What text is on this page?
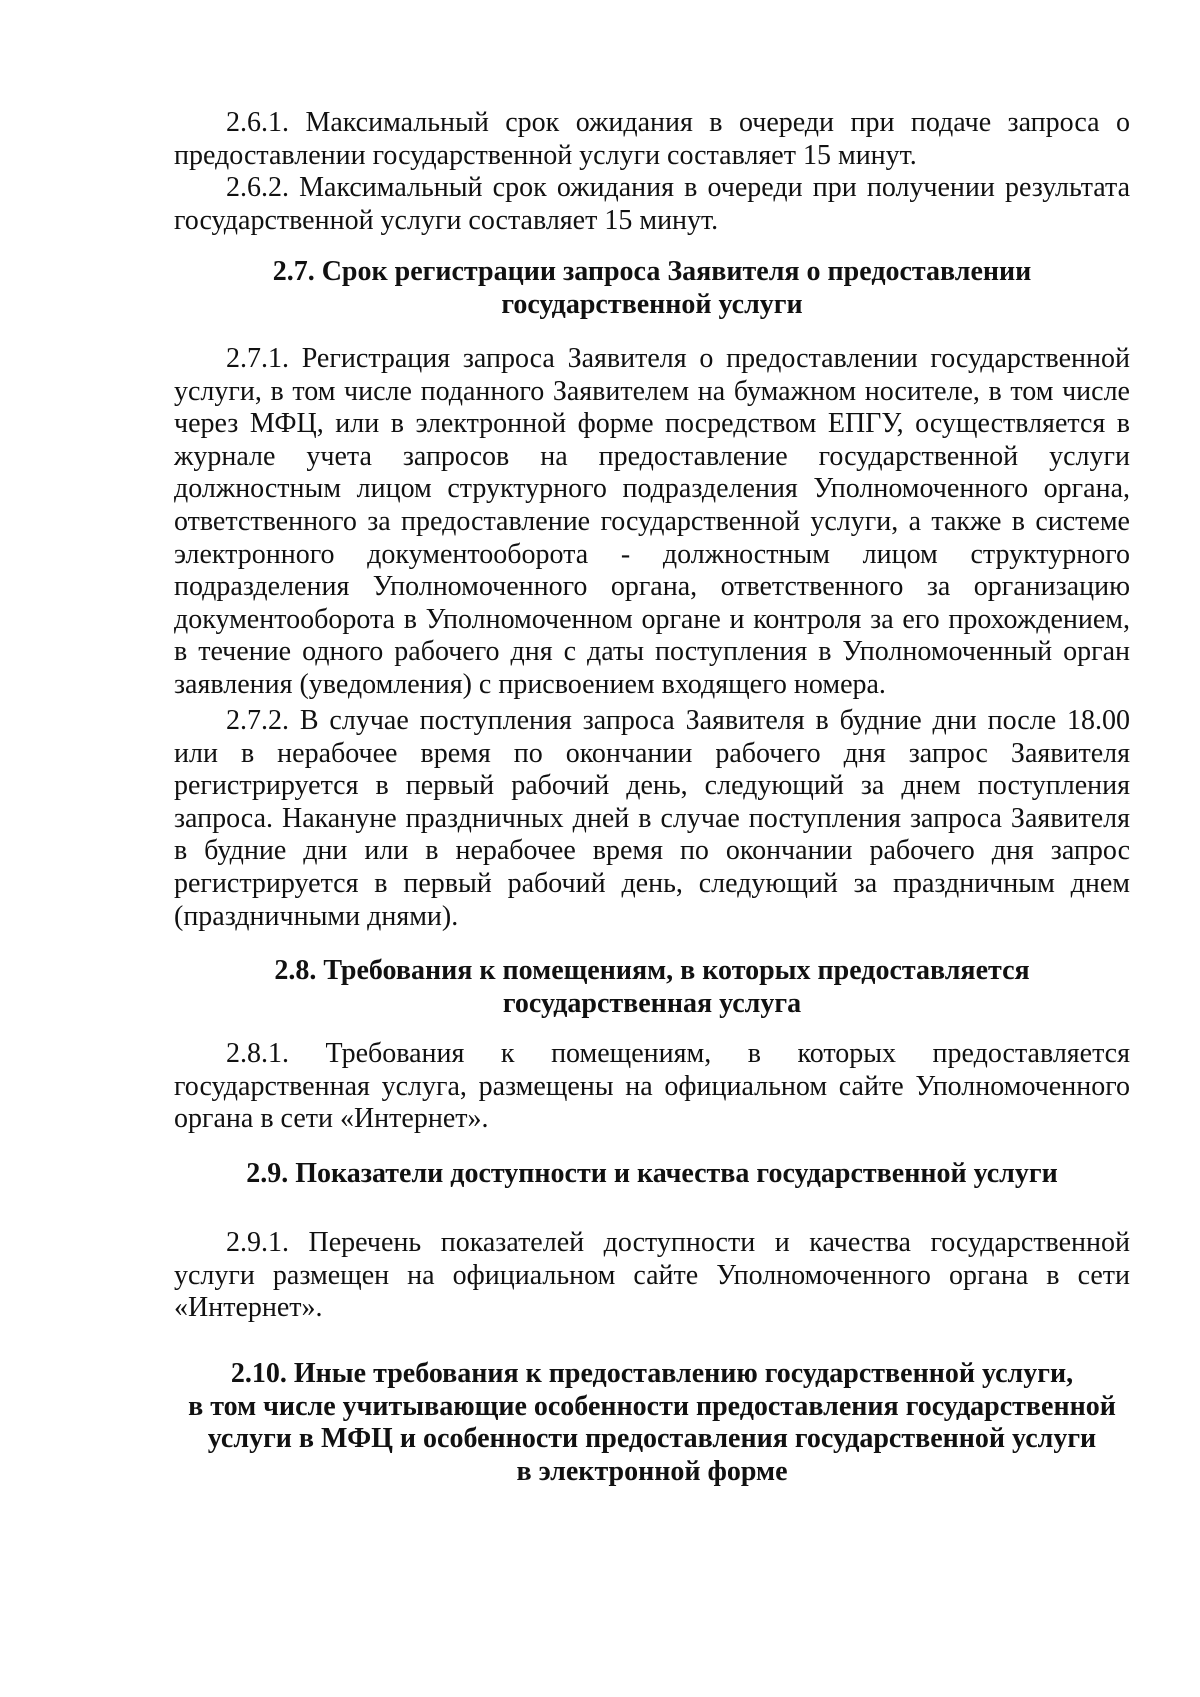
2.6.1. Максимальный срок ожидания в очереди при подаче запроса о предоставлении государственной услуги составляет 15 минут.

2.6.2. Максимальный срок ожидания в очереди при получении результата государственной услуги составляет 15 минут.

2.7. Срок регистрации запроса Заявителя о предоставлении
государственной услуги

2.7.1. Регистрация запроса Заявителя о предоставлении государственной услуги, в том числе поданного Заявителем на бумажном носителе, в том числе через МФЦ, или в электронной форме посредством ЕПГУ, осуществляется в журнале учета запросов на предоставление государственной услуги должностным лицом структурного подразделения Уполномоченного органа, ответственного за предоставление государственной услуги, а также в системе электронного документооборота - должностным лицом структурного подразделения Уполномоченного органа, ответственного за организацию документооборота в Уполномоченном органе и контроля за его прохождением, в течение одного рабочего дня с даты поступления в Уполномоченный орган заявления (уведомления) с присвоением входящего номера.

2.7.2. В случае поступления запроса Заявителя в будние дни после 18.00 или в нерабочее время по окончании рабочего дня запрос Заявителя регистрируется в первый рабочий день, следующий за днем поступления запроса. Накануне праздничных дней в случае поступления запроса Заявителя в будние дни или в нерабочее время по окончании рабочего дня запрос регистрируется в первый рабочий день, следующий за праздничным днем (праздничными днями).

2.8. Требования к помещениям, в которых предоставляется
государственная услуга

2.8.1. Требования к помещениям, в которых предоставляется государственная услуга, размещены на официальном сайте Уполномоченного органа в сети «Интернет».

2.9. Показатели доступности и качества государственной услуги

2.9.1. Перечень показателей доступности и качества государственной услуги размещен на официальном сайте Уполномоченного органа в сети «Интернет».

2.10. Иные требования к предоставлению государственной услуги,
в том числе учитывающие особенности предоставления государственной
услуги в МФЦ и особенности предоставления государственной услуги
в электронной форме
